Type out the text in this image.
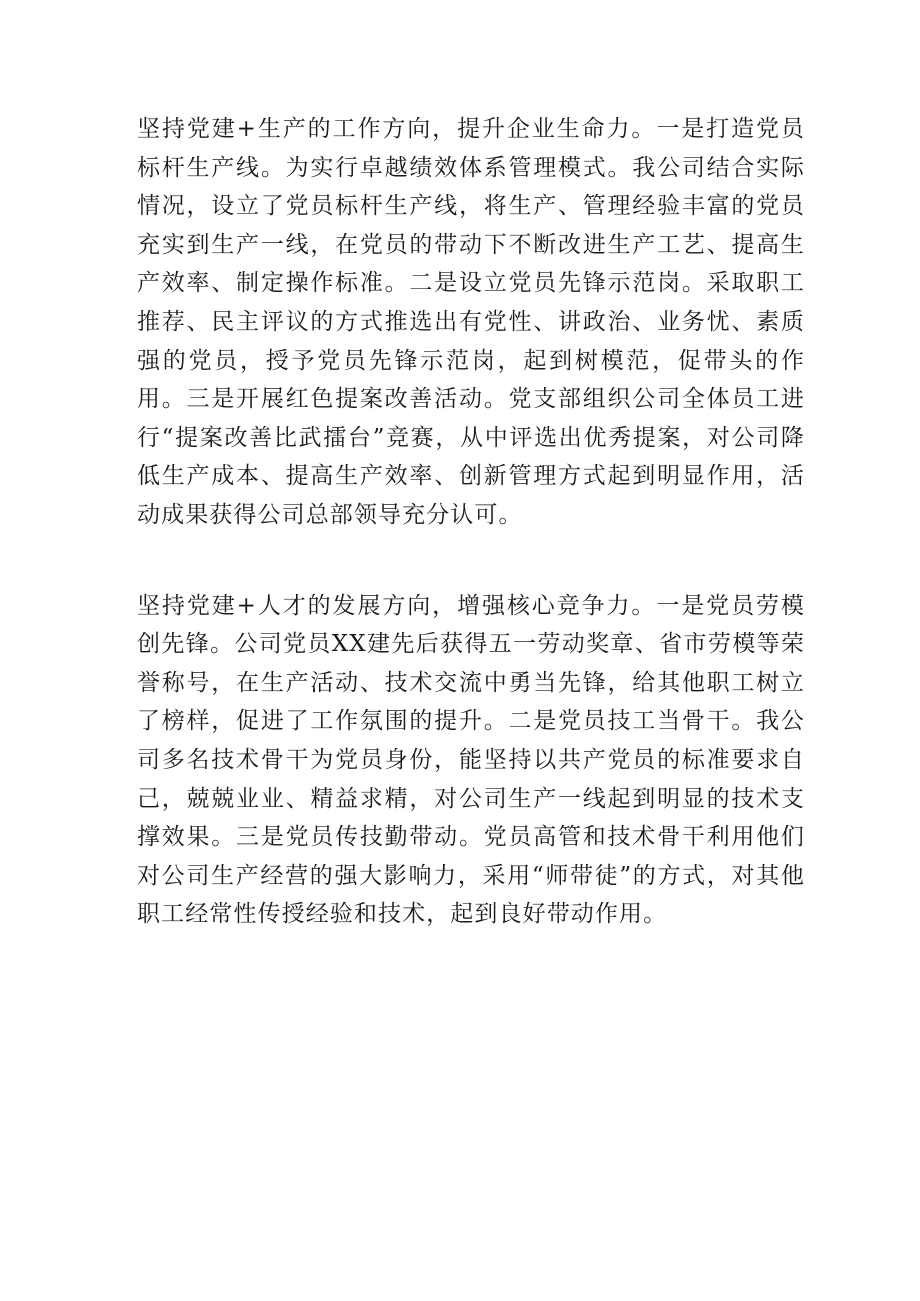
坚持党建+生产的工作方向，提升企业生命力。一是打造党员标杆生产线。为实行卓越绩效体系管理模式。我公司结合实际情况，设立了党员标杆生产线，将生产、管理经验丰富的党员充实到生产一线，在党员的带动下不断改进生产工艺、提高生产效率、制定操作标准。二是设立党员先锋示范岗。采取职工推荐、民主评议的方式推选出有党性、讲政治、业务忧、素质强的党员，授予党员先锋示范岗，起到树模范，促带头的作用。三是开展红色提案改善活动。党支部组织公司全体员工进行“提案改善比武擂台”竞赛，从中评选出优秀提案，对公司降低生产成本、提高生产效率、创新管理方式起到明显作用，活动成果获得公司总部领导充分认可。

坚持党建+人才的发展方向，增强核心竞争力。一是党员劳模创先锋。公司党员XX建先后获得五一劳动奖章、省市劳模等荣誉称号，在生产活动、技术交流中勇当先锋，给其他职工树立了榜样，促进了工作氛围的提升。二是党员技工当骨干。我公司多名技术骨干为党员身份，能坚持以共产党员的标准要求自己，兢兢业业、精益求精，对公司生产一线起到明显的技术支撑效果。三是党员传技勤带动。党员高管和技术骨干利用他们对公司生产经营的强大影响力，采用“师带徒”的方式，对其他职工经常性传授经验和技术，起到良好带动作用。
